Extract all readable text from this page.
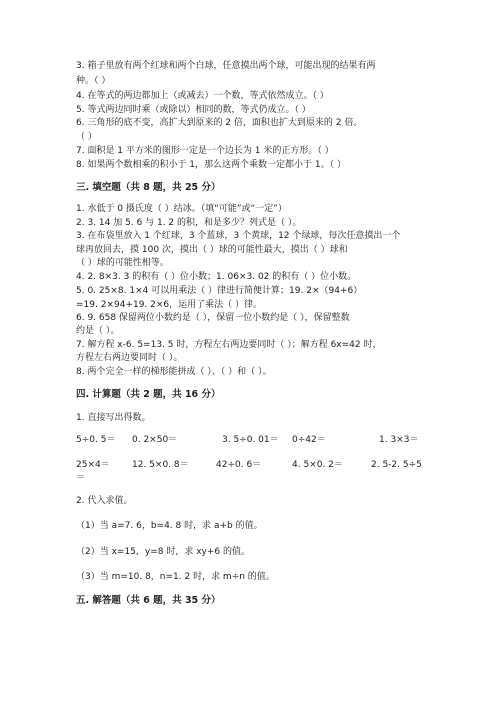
3. 箱子里放有两个红球和两个白球，任意摸出两个球，可能出现的结果有两
种。（ ）
4. 在等式的两边都加上（或减去）一个数，等式依然成立。（ ）
5. 等式两边同时乘（或除以）相同的数，等式仍成立。（ ）
6. 三角形的底不变，高扩大到原来的 2 倍，面积也扩大到原来的 2 倍。
（ ）
7. 面积是 1 平方米的图形一定是一个边长为 1 米的正方形。（ ）
8. 如果两个数相乘的积小于 1，那么这两个乘数一定都小于 1。（ ）
三. 填空题（共 8 题，共 25 分）
1. 水低于 0 摄氏度（ ）结冰。（填“可能”或“一定”）
2. 3. 14 加 5. 6 与 1. 2 的积，和是多少？列式是（ ）。
3. 在布袋里放入 1 个红球，3 个蓝球，3 个黄球，12 个绿球，每次任意摸出一个
球再放回去，摸 100 次，摸出（ ）球的可能性最大，摸出（ ）球和
（ ）球的可能性相等。
4. 2. 8×3. 3 的积有（ ）位小数；1. 06×3. 02 的积有（ ）位小数。
5. 0. 25×8. 1×4 可以用乘法（ ）律进行简便计算；19. 2×（94+6）
=19. 2×94+19. 2×6，运用了乘法（ ）律。
6. 9. 658 保留两位小数约是（ ），保留一位小数约是（ ），保留整数
约是（ ）。
7. 解方程 x-6. 5=13. 5 时，方程左右两边要同时（ ）；解方程 6x=42 时，
方程左右两边要同时（ ）。
8. 两个完全一样的梯形能拼成（ ）、（ ）和（ ）。
四. 计算题（共 2 题，共 16 分）
1. 直接写出得数。
5÷0. 5＝ 0. 2×50＝	3. 5÷0. 01＝ 0÷42＝	1. 3×3＝
25×4＝ 12. 5×0. 8＝	42÷0. 6＝	4. 5×0. 2＝	2. 5-2. 5÷5
＝
2. 代入求值。
（1）当 a=7. 6，b=4. 8 时，求 a+b 的值。
（2）当 x=15，y=8 时，求 xy+6 的值。
（3）当 m=10. 8，n=1. 2 时，求 m÷n 的值。
五. 解答题（共 6 题，共 35 分）
